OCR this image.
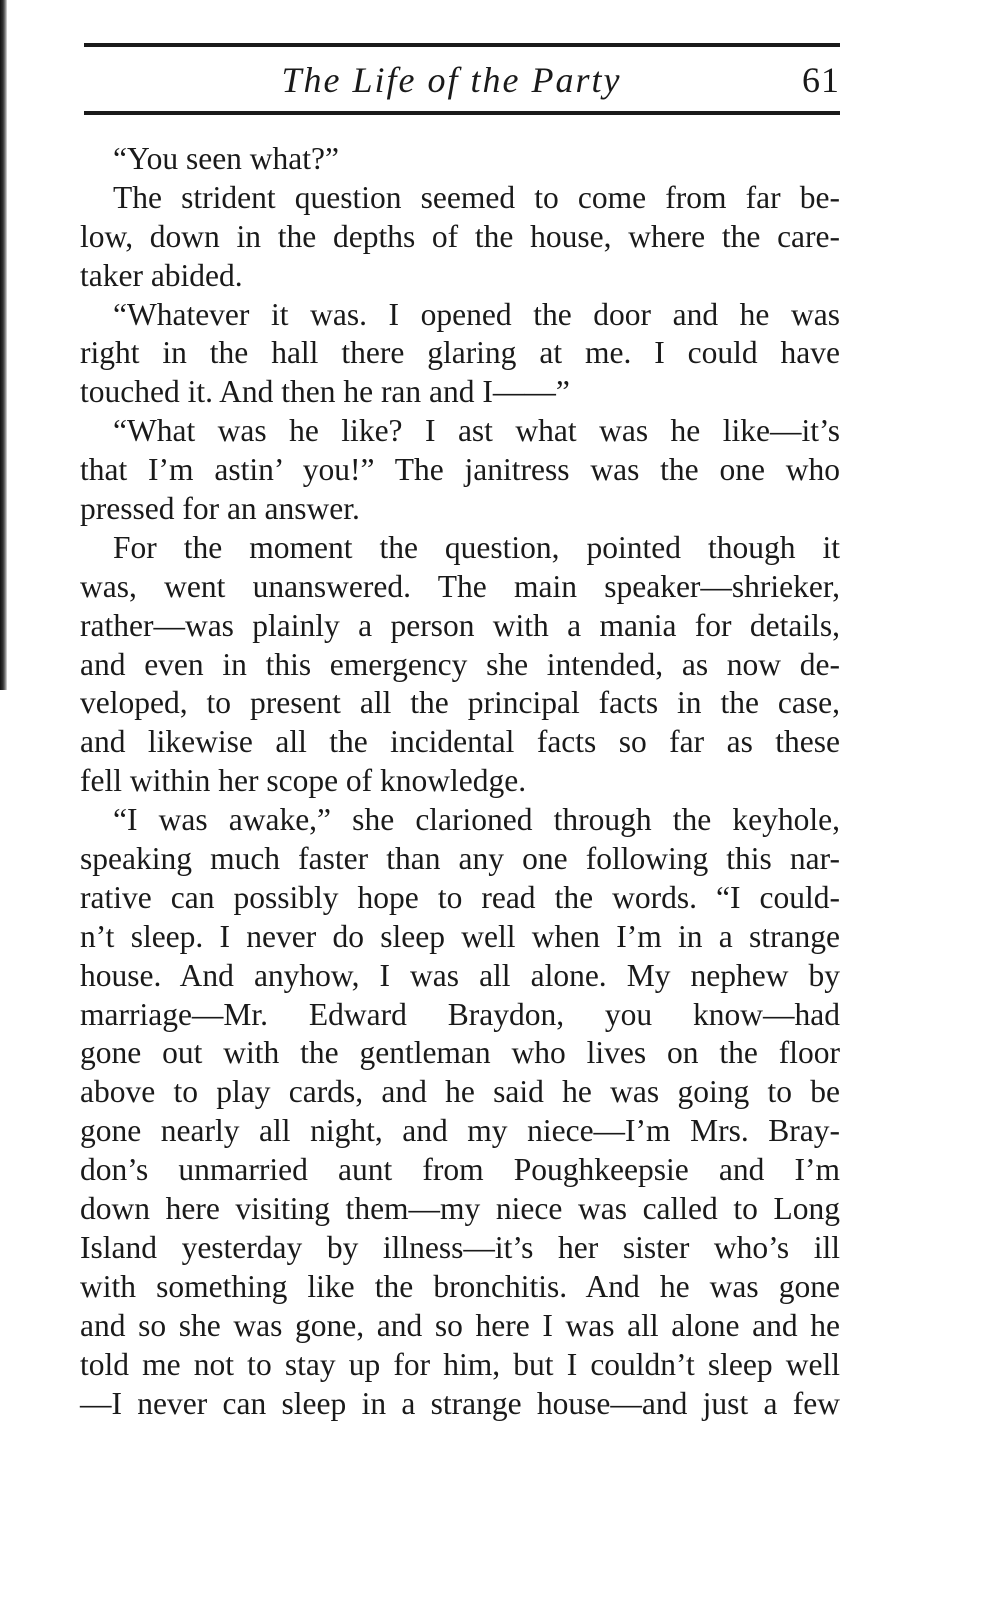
The Life of the Party	61
“You seen what?”
The strident question seemed to come from far be-
low, down in the depths of the house, where the care-
taker abided.
“Whatever it was. I opened the door and he was
right in the hall there glaring at me. I could have
touched it. And then he ran and I——”
“What was he like? I ast what was he like—it’s
that I’m astin’ you!” The janitress was the one who
pressed for an answer.
For the moment the question, pointed though it
was, went unanswered. The main speaker—shrieker,
rather—was plainly a person with a mania for details,
and even in this emergency she intended, as now de-
veloped, to present all the principal facts in the case,
and likewise all the incidental facts so far as these
fell within her scope of knowledge.
“I was awake,” she clarioned through the keyhole,
speaking much faster than any one following this nar-
rative can possibly hope to read the words. “I could-
n’t sleep. I never do sleep well when I’m in a strange
house. And anyhow, I was all alone. My nephew by
marriage—Mr. Edward Braydon, you know—had
gone out with the gentleman who lives on the floor
above to play cards, and he said he was going to be
gone nearly all night, and my niece—I’m Mrs. Bray-
don’s unmarried aunt from Poughkeepsie and I’m
down here visiting them—my niece was called to Long
Island yesterday by illness—it’s her sister who’s ill
with something like the bronchitis. And he was gone
and so she was gone, and so here I was all alone and he
told me not to stay up for him, but I couldn’t sleep well
—I never can sleep in a strange house—and just a few
